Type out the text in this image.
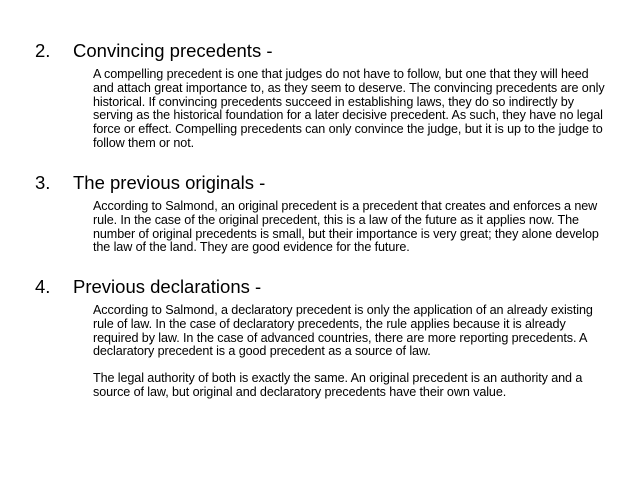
2. Convincing precedents -
A compelling precedent is one that judges do not have to follow, but one that they will heed and attach great importance to, as they seem to deserve. The convincing precedents are only historical. If convincing precedents succeed in establishing laws, they do so indirectly by serving as the historical foundation for a later decisive precedent. As such, they have no legal force or effect. Compelling precedents can only convince the judge, but it is up to the judge to follow them or not.
3. The previous originals -
According to Salmond, an original precedent is a precedent that creates and enforces a new rule. In the case of the original precedent, this is a law of the future as it applies now. The number of original precedents is small, but their importance is very great; they alone develop the law of the land. They are good evidence for the future.
4. Previous declarations -
According to Salmond, a declaratory precedent is only the application of an already existing rule of law. In the case of declaratory precedents, the rule applies because it is already required by law. In the case of advanced countries, there are more reporting precedents. A declaratory precedent is a good precedent as a source of law.
The legal authority of both is exactly the same. An original precedent is an authority and a source of law, but original and declaratory precedents have their own value.
